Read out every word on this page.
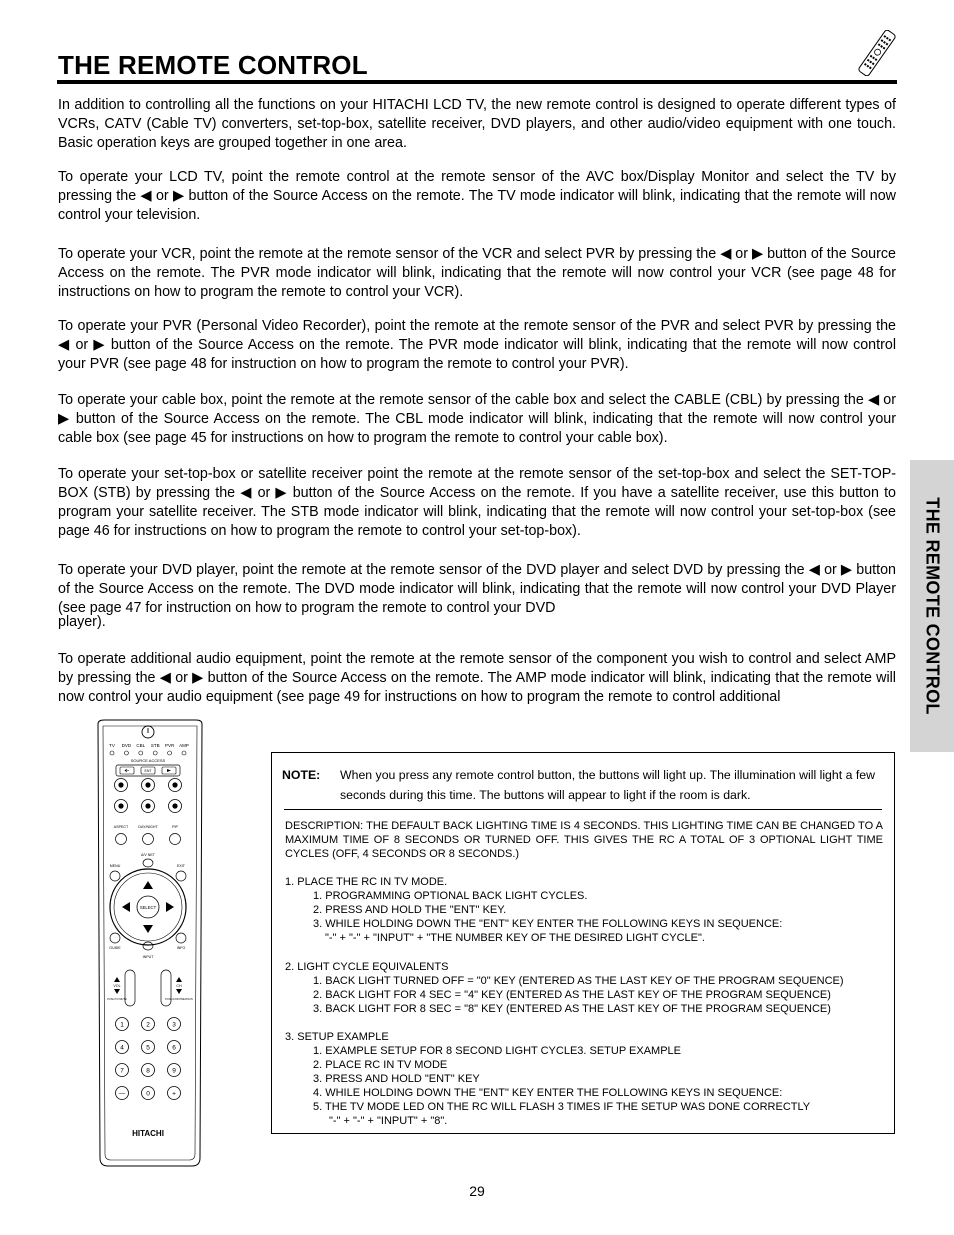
THE REMOTE CONTROL

In addition to controlling all the functions on your HITACHI LCD TV, the new remote control is designed to operate different types of VCRs, CATV (Cable TV) converters, set-top-box, satellite receiver, DVD players, and other audio/video equipment with one touch. Basic operation keys are grouped together in one area.

To operate your LCD TV, point the remote control at the remote sensor of the AVC box/Display Monitor and select the TV by pressing the ◀ or ▶ button of the Source Access on the remote. The TV mode indicator will blink, indicating that the remote will now control your television.

To operate your VCR, point the remote at the remote sensor of the VCR and select PVR by pressing the ◀ or ▶ button of the Source Access on the remote. The PVR mode indicator will blink, indicating that the remote will now control your VCR (see page 48 for instructions on how to program the remote to control your VCR).

To operate your PVR (Personal Video Recorder), point the remote at the remote sensor of the PVR and select PVR by pressing the ◀ or ▶ button of the Source Access on the remote. The PVR mode indicator will blink, indicating that the remote will now control your PVR (see page 48 for instruction on how to program the remote to control your PVR).

To operate your cable box, point the remote at the remote sensor of the cable box and select the CABLE (CBL) by pressing the ◀ or ▶ button of the Source Access on the remote. The CBL mode indicator will blink, indicating that the remote will now control your cable box (see page 45 for instructions on how to program the remote to control your cable box).

To operate your set-top-box or satellite receiver point the remote at the remote sensor of the set-top-box and select the SET-TOP-BOX (STB) by pressing the ◀ or ▶ button of the Source Access on the remote. If you have a satellite receiver, use this button to program your satellite receiver. The STB mode indicator will blink, indicating that the remote will now control your set-top-box (see page 46 for instructions on how to program the remote to control your set-top-box).

To operate your DVD player, point the remote at the remote sensor of the DVD player and select DVD by pressing the ◀ or ▶ button of the Source Access on the remote. The DVD mode indicator will blink, indicating that the remote will now control your DVD Player (see page 47 for instruction on how to program the remote to control your DVD

player).

To operate additional audio equipment, point the remote at the remote sensor of the component you wish to control and select AMP by pressing the ◀ or ▶ button of the Source Access on the remote. The AMP mode indicator will blink, indicating that the remote will now control your audio equipment (see page 49 for instructions on how to program the remote to control additional	THE REMOTE CONTROL
TV DVD CBL STB PVR AMP
SOURCE ACCESS
ENT
ASPECT	DAY/NIGHT	PIP
A/V NET
MENU	EXIT
SELECT
GUIDE	INFO
INPUT
VOL	CH
PUSH TO MUTE	PUSH FOR PREVIOUS
1	2	3
4	5	6
7	8	9
—	0	+
HITACHI
NOTE: When you press any remote control button, the buttons will light up. The illumination will light a few seconds during this time. The buttons will appear to light if the room is dark.

DESCRIPTION: THE DEFAULT BACK LIGHTING TIME IS 4 SECONDS. THIS LIGHTING TIME CAN BE CHANGED TO A MAXIMUM TIME OF 8 SECONDS OR TURNED OFF. THIS GIVES THE RC A TOTAL OF 3 OPTIONAL LIGHT TIME CYCLES (OFF, 4 SECONDS OR 8 SECONDS.)

1. PLACE THE RC IN TV MODE.

1. PROGRAMMING OPTIONAL BACK LIGHT CYCLES.

2. PRESS AND HOLD THE "ENT" KEY.

3. WHILE HOLDING DOWN THE "ENT" KEY ENTER THE FOLLOWING KEYS IN SEQUENCE:

"-" + "-" + "INPUT" + "THE NUMBER KEY OF THE DESIRED LIGHT CYCLE".

2. LIGHT CYCLE EQUIVALENTS

1. BACK LIGHT TURNED OFF = "0" KEY (ENTERED AS THE LAST KEY OF THE PROGRAM SEQUENCE)

2. BACK LIGHT FOR 4 SEC = "4" KEY (ENTERED AS THE LAST KEY OF THE PROGRAM SEQUENCE)

3. BACK LIGHT FOR 8 SEC = "8" KEY (ENTERED AS THE LAST KEY OF THE PROGRAM SEQUENCE)

3. SETUP EXAMPLE

1. EXAMPLE SETUP FOR 8 SECOND LIGHT CYCLE3. SETUP EXAMPLE

2. PLACE RC IN TV MODE

3. PRESS AND HOLD "ENT" KEY

4. WHILE HOLDING DOWN THE "ENT" KEY ENTER THE FOLLOWING KEYS IN SEQUENCE:

5. THE TV MODE LED ON THE RC WILL FLASH 3 TIMES IF THE SETUP WAS DONE CORRECTLY

"-" + "-" + "INPUT" + "8".

29
